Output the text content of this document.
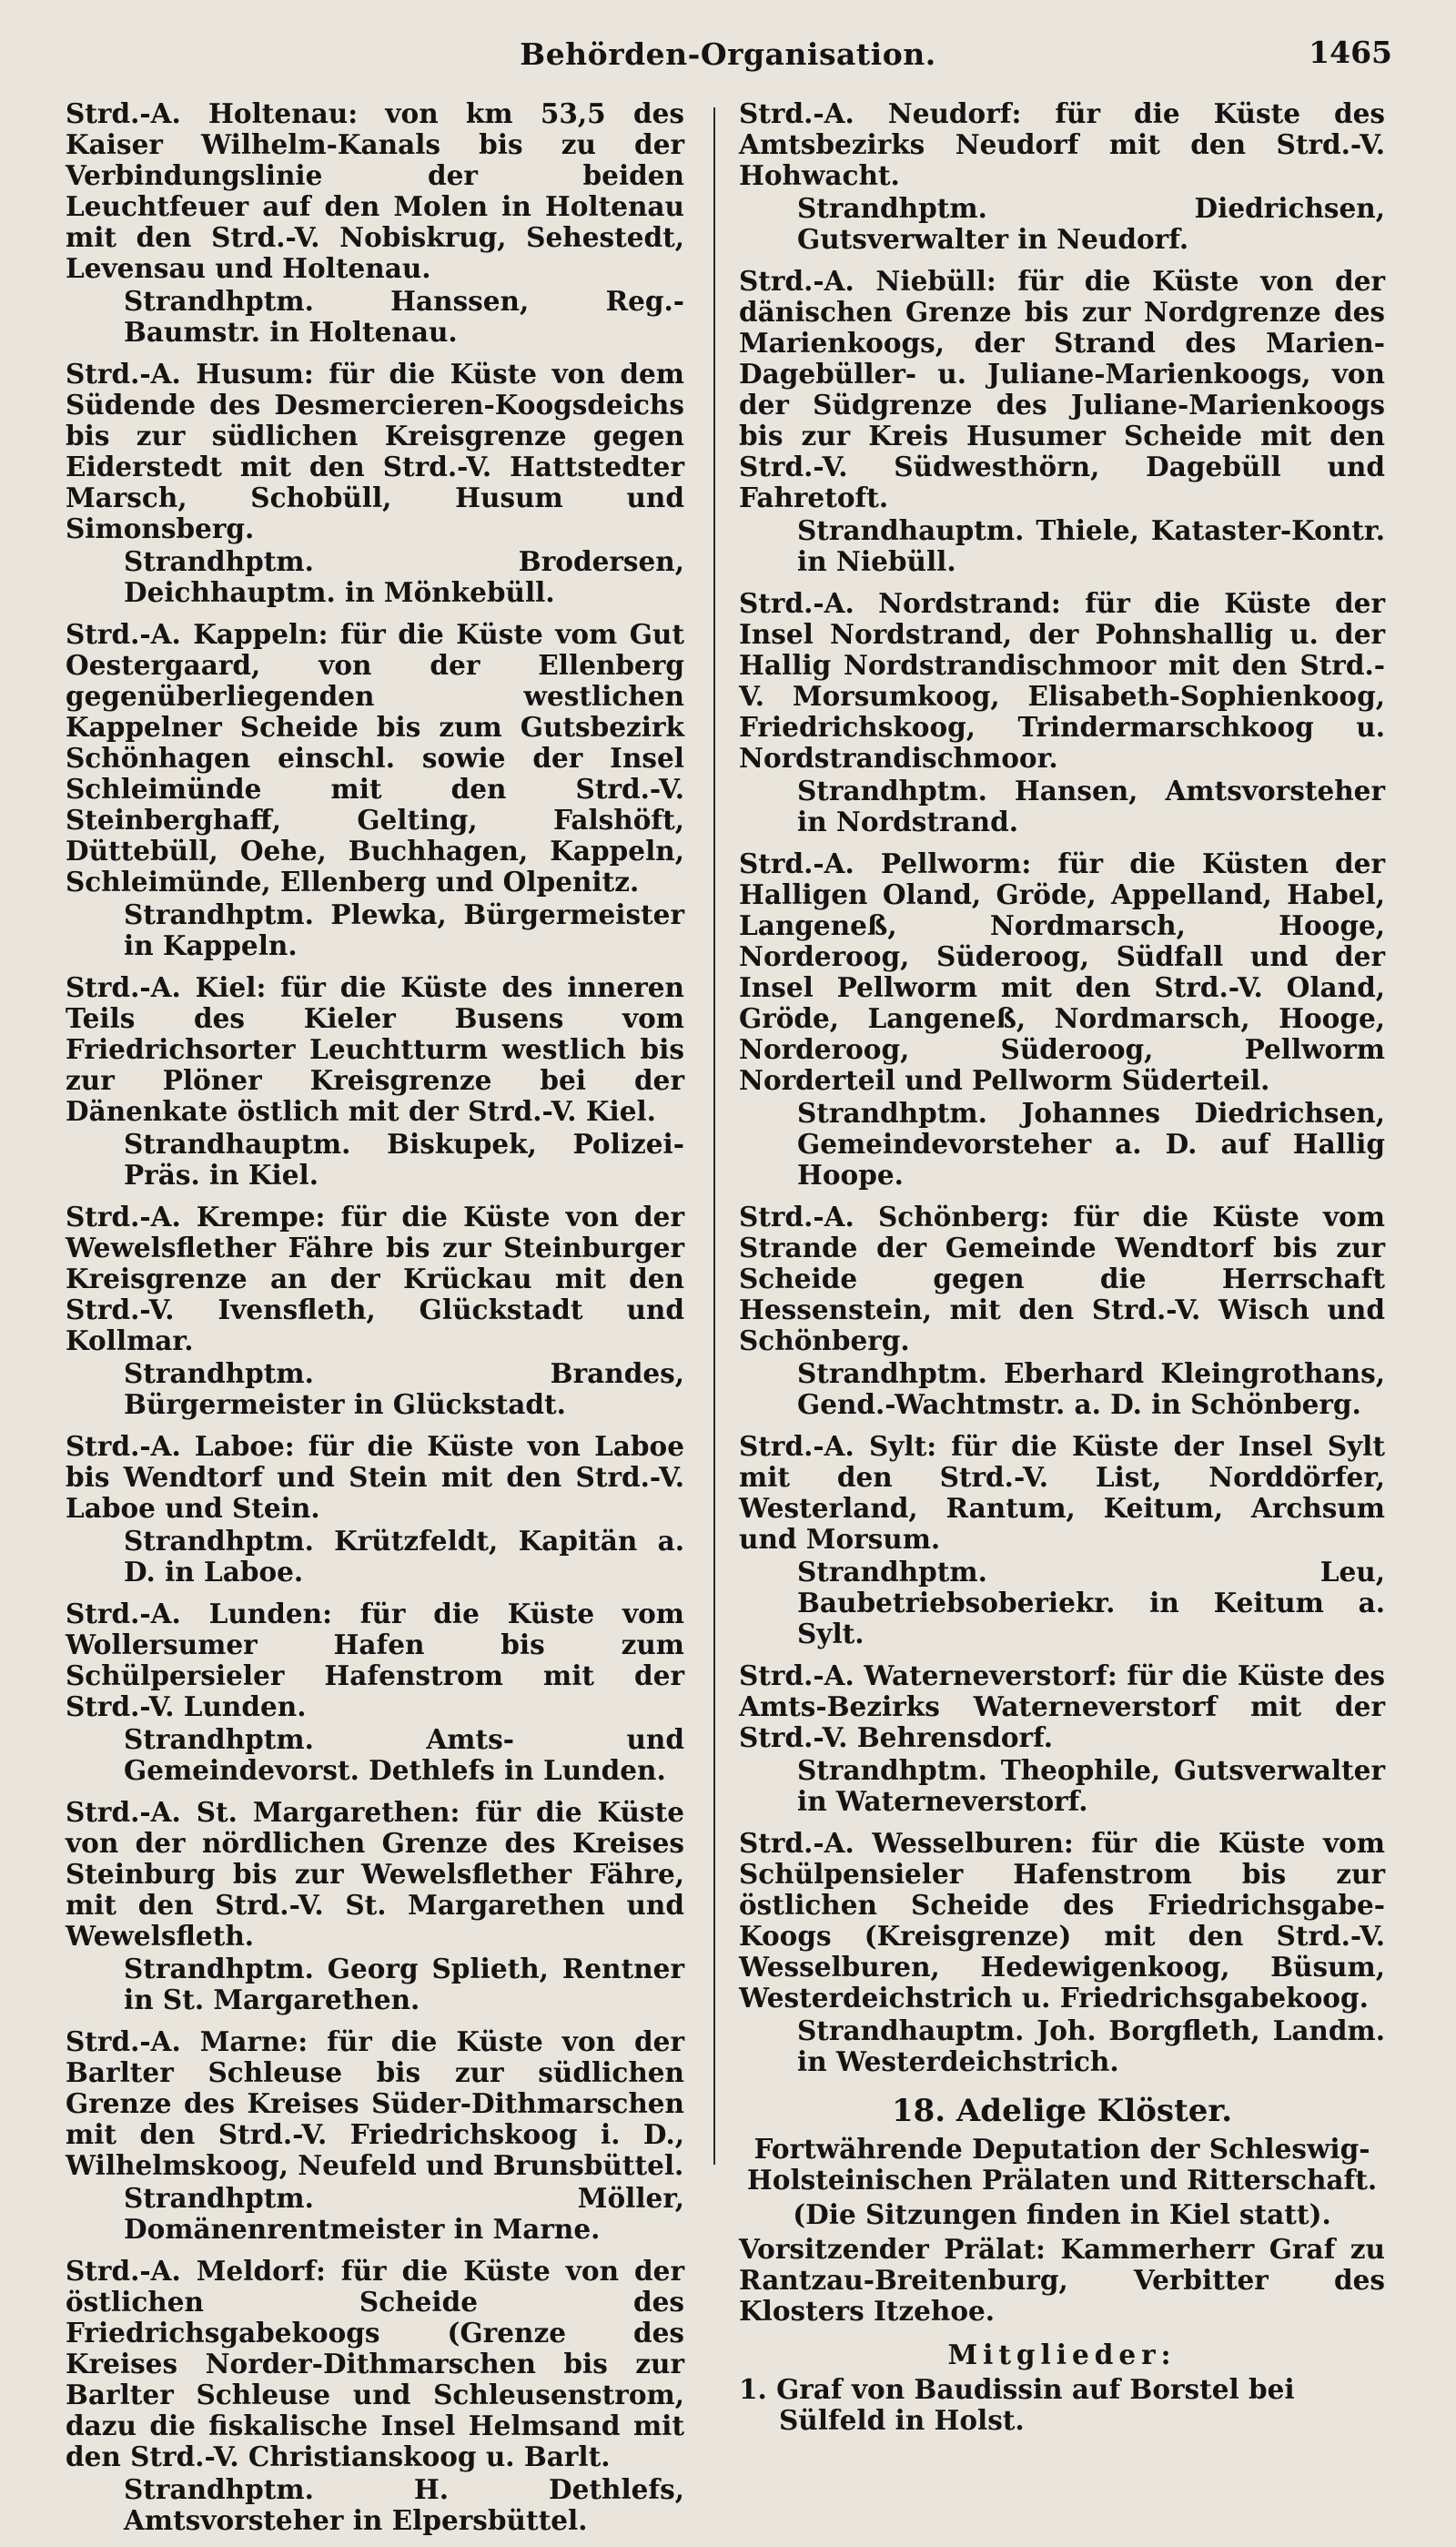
Behörden-Organisation.	1465

Strd.-A. Holtenau: von km 53,5 des Kaiser Wilhelm-Kanals bis zu der Verbindungslinie der beiden Leuchtfeuer auf den Molen in Holtenau mit den Strd.-V. Nobiskrug, Sehestedt, Levensau und Holtenau.

Strandhptm. Hanssen, Reg.-Baumstr. in Holtenau.

Strd.-A. Husum: für die Küste von dem Südende des Desmercieren-Koogsdeichs bis zur südlichen Kreisgrenze gegen Eiderstedt mit den Strd.-V. Hattstedter Marsch, Schobüll, Husum und Simonsberg.

Strandhptm. Brodersen, Deichhauptm. in Mönkebüll.

Strd.-A. Kappeln: für die Küste vom Gut Oestergaard, von der Ellenberg gegenüberliegenden westlichen Kappelner Scheide bis zum Gutsbezirk Schönhagen einschl. sowie der Insel Schleimünde mit den Strd.-V. Steinberghaff, Gelting, Falshöft, Düttebüll, Oehe, Buchhagen, Kappeln, Schleimünde, Ellenberg und Olpenitz.

Strandhptm. Plewka, Bürgermeister in Kappeln.

Strd.-A. Kiel: für die Küste des inneren Teils des Kieler Busens vom Friedrichsorter Leuchtturm westlich bis zur Plöner Kreisgrenze bei der Dänenkate östlich mit der Strd.-V. Kiel.

Strandhauptm. Biskupek, Polizei-Präs. in Kiel.

Strd.-A. Krempe: für die Küste von der Wewelsflether Fähre bis zur Steinburger Kreisgrenze an der Krückau mit den Strd.-V. Ivensfleth, Glückstadt und Kollmar.

Strandhptm. Brandes, Bürgermeister in Glückstadt.

Strd.-A. Laboe: für die Küste von Laboe bis Wendtorf und Stein mit den Strd.-V. Laboe und Stein.

Strandhptm. Krützfeldt, Kapitän a. D. in Laboe.

Strd.-A. Lunden: für die Küste vom Wollersumer Hafen bis zum Schülpersieler Hafenstrom mit der Strd.-V. Lunden.

Strandhptm. Amts- und Gemeindevorst. Dethlefs in Lunden.

Strd.-A. St. Margarethen: für die Küste von der nördlichen Grenze des Kreises Steinburg bis zur Wewelsflether Fähre, mit den Strd.-V. St. Margarethen und Wewelsfleth.

Strandhptm. Georg Splieth, Rentner in St. Margarethen.

Strd.-A. Marne: für die Küste von der Barlter Schleuse bis zur südlichen Grenze des Kreises Süder-Dithmarschen mit den Strd.-V. Friedrichskoog i. D., Wilhelmskoog, Neufeld und Brunsbüttel.

Strandhptm. Möller, Domänenrentmeister in Marne.

Strd.-A. Meldorf: für die Küste von der östlichen Scheide des Friedrichsgabekoogs (Grenze des Kreises Norder-Dithmarschen bis zur Barlter Schleuse und Schleusenstrom, dazu die fiskalische Insel Helmsand mit den Strd.-V. Christianskoog u. Barlt.

Strandhptm. H. Dethlefs, Amtsvorsteher in Elpersbüttel.

Strd.-A. Neudorf: für die Küste des Amtsbezirks Neudorf mit den Strd.-V. Hohwacht.

Strandhptm. Diedrichsen, Gutsverwalter in Neudorf.

Strd.-A. Niebüll: für die Küste von der dänischen Grenze bis zur Nordgrenze des Marienkoogs, der Strand des Marien-Dagebüller- u. Juliane-Marienkoogs, von der Südgrenze des Juliane-Marienkoogs bis zur Kreis Husumer Scheide mit den Strd.-V. Südwesthörn, Dagebüll und Fahretoft.

Strandhauptm. Thiele, Kataster-Kontr. in Niebüll.

Strd.-A. Nordstrand: für die Küste der Insel Nordstrand, der Pohnshallig u. der Hallig Nordstrandischmoor mit den Strd.-V. Morsumkoog, Elisabeth-Sophienkoog, Friedrichskoog, Trindermarschkoog u. Nordstrandischmoor.

Strandhptm. Hansen, Amtsvorsteher in Nordstrand.

Strd.-A. Pellworm: für die Küsten der Halligen Oland, Gröde, Appelland, Habel, Langeneß, Nordmarsch, Hooge, Norderoog, Süderoog, Südfall und der Insel Pellworm mit den Strd.-V. Oland, Gröde, Langeneß, Nordmarsch, Hooge, Norderoog, Süderoog, Pellworm Norderteil und Pellworm Süderteil.

Strandhptm. Johannes Diedrichsen, Gemeindevorsteher a. D. auf Hallig Hoope.

Strd.-A. Schönberg: für die Küste vom Strande der Gemeinde Wendtorf bis zur Scheide gegen die Herrschaft Hessenstein, mit den Strd.-V. Wisch und Schönberg.

Strandhptm. Eberhard Kleingrothans, Gend.-Wachtmstr. a. D. in Schönberg.

Strd.-A. Sylt: für die Küste der Insel Sylt mit den Strd.-V. List, Norddörfer, Westerland, Rantum, Keitum, Archsum und Morsum.

Strandhptm. Leu, Baubetriebsoberiekr. in Keitum a. Sylt.

Strd.-A. Waterneverstorf: für die Küste des Amts-Bezirks Waterneverstorf mit der Strd.-V. Behrensdorf.

Strandhptm. Theophile, Gutsverwalter in Waterneverstorf.

Strd.-A. Wesselburen: für die Küste vom Schülpensieler Hafenstrom bis zur östlichen Scheide des Friedrichsgabe-Koogs (Kreisgrenze) mit den Strd.-V. Wesselburen, Hedewigenkoog, Büsum, Westerdeichstrich u. Friedrichsgabekoog.

Strandhauptm. Joh. Borgfleth, Landm. in Westerdeichstrich.

18. Adelige Klöster.

Fortwährende Deputation der Schleswig-Holsteinischen Prälaten und Ritterschaft.

(Die Sitzungen finden in Kiel statt).

Vorsitzender Prälat: Kammerherr Graf zu Rantzau-Breitenburg, Verbitter des Klosters Itzehoe.

Mitglieder:

1. Graf von Baudissin auf Borstel bei Sülfeld in Holst.
